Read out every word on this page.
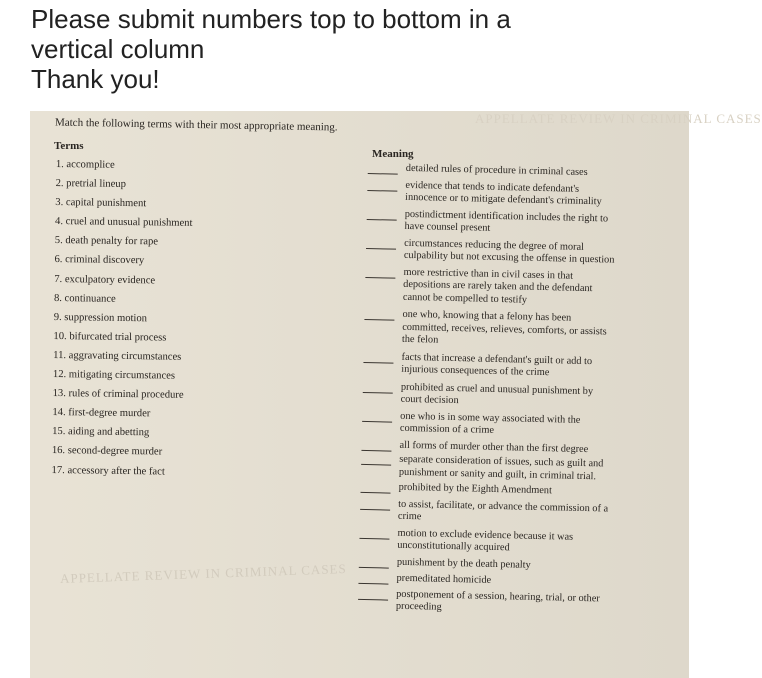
Please submit numbers top to bottom in a
vertical column
Thank you!
APPELLATE REVIEW IN CRIMINAL CASES
APPELLATE REVIEW IN CRIMINAL CASES
Match the following terms with their most appropriate meaning.
Terms
Meaning
1. accomplice
2. pretrial lineup
3. capital punishment
4. cruel and unusual punishment
5. death penalty for rape
6. criminal discovery
7. exculpatory evidence
8. continuance
9. suppression motion
10. bifurcated trial process
11. aggravating circumstances
12. mitigating circumstances
13. rules of criminal procedure
14. first-degree murder
15. aiding and abetting
16. second-degree murder
17. accessory after the fact
detailed rules of procedure in criminal cases
evidence that tends to indicate defendant's
innocence or to mitigate defendant's criminality
postindictment identification includes the right to
have counsel present
circumstances reducing the degree of moral
culpability but not excusing the offense in question
more restrictive than in civil cases in that
depositions are rarely taken and the defendant
cannot be compelled to testify
one who, knowing that a felony has been
committed, receives, relieves, comforts, or assists
the felon
facts that increase a defendant's guilt or add to
injurious consequences of the crime
prohibited as cruel and unusual punishment by
court decision
one who is in some way associated with the
commission of a crime
all forms of murder other than the first degree
separate consideration of issues, such as guilt and
punishment or sanity and guilt, in criminal trial.
prohibited by the Eighth Amendment
to assist, facilitate, or advance the commission of a
crime
motion to exclude evidence because it was
unconstitutionally acquired
punishment by the death penalty
premeditated homicide
postponement of a session, hearing, trial, or other
proceeding
